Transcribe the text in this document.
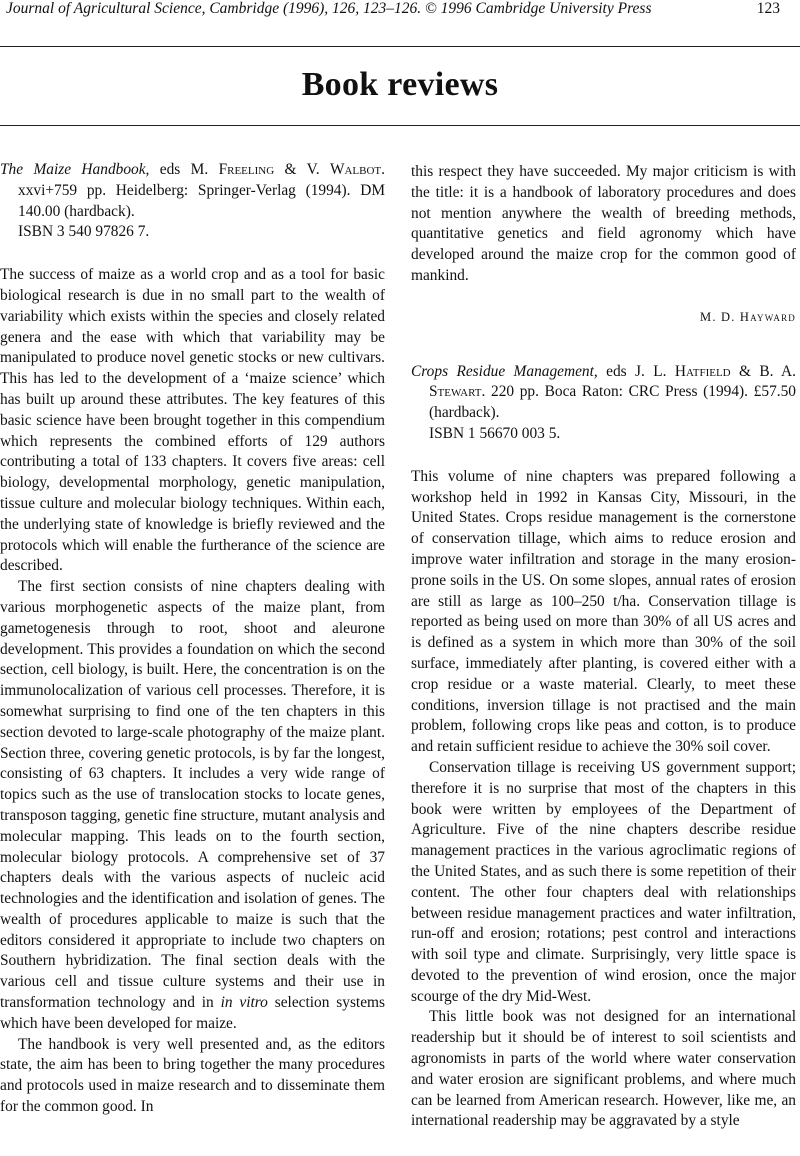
Journal of Agricultural Science, Cambridge (1996), 126, 123–126. © 1996 Cambridge University Press	123
Book reviews
The Maize Handbook, eds M. Freeling & V. Walbot. xxvi+759 pp. Heidelberg: Springer-Verlag (1994). DM 140.00 (hardback).
ISBN 3 540 97826 7.

The success of maize as a world crop and as a tool for basic biological research is due in no small part to the wealth of variability which exists within the species and closely related genera and the ease with which that variability may be manipulated to produce novel genetic stocks or new cultivars. This has led to the development of a ‘maize science’ which has built up around these attributes. The key features of this basic science have been brought together in this compendium which represents the combined efforts of 129 authors contributing a total of 133 chapters. It covers five areas: cell biology, developmental morphology, genetic manipulation, tissue culture and molecular biology techniques. Within each, the underlying state of knowledge is briefly reviewed and the protocols which will enable the furtherance of the science are described.

The first section consists of nine chapters dealing with various morphogenetic aspects of the maize plant, from gametogenesis through to root, shoot and aleurone development. This provides a foundation on which the second section, cell biology, is built. Here, the concentration is on the immunolocalization of various cell processes. Therefore, it is somewhat surprising to find one of the ten chapters in this section devoted to large-scale photography of the maize plant. Section three, covering genetic protocols, is by far the longest, consisting of 63 chapters. It includes a very wide range of topics such as the use of translocation stocks to locate genes, transposon tagging, genetic fine structure, mutant analysis and molecular mapping. This leads on to the fourth section, molecular biology protocols. A comprehensive set of 37 chapters deals with the various aspects of nucleic acid technologies and the identification and isolation of genes. The wealth of procedures applicable to maize is such that the editors considered it appropriate to include two chapters on Southern hybridization. The final section deals with the various cell and tissue culture systems and their use in transformation technology and in in vitro selection systems which have been developed for maize.

The handbook is very well presented and, as the editors state, the aim has been to bring together the many procedures and protocols used in maize research and to disseminate them for the common good. In

this respect they have succeeded. My major criticism is with the title: it is a handbook of laboratory procedures and does not mention anywhere the wealth of breeding methods, quantitative genetics and field agronomy which have developed around the maize crop for the common good of mankind.

M. D. Hayward
Crops Residue Management, eds J. L. Hatfield & B. A. Stewart. 220 pp. Boca Raton: CRC Press (1994). £57.50 (hardback).
ISBN 1 56670 003 5.

This volume of nine chapters was prepared following a workshop held in 1992 in Kansas City, Missouri, in the United States. Crops residue management is the cornerstone of conservation tillage, which aims to reduce erosion and improve water infiltration and storage in the many erosion-prone soils in the US. On some slopes, annual rates of erosion are still as large as 100–250 t/ha. Conservation tillage is reported as being used on more than 30% of all US acres and is defined as a system in which more than 30% of the soil surface, immediately after planting, is covered either with a crop residue or a waste material. Clearly, to meet these conditions, inversion tillage is not practised and the main problem, following crops like peas and cotton, is to produce and retain sufficient residue to achieve the 30% soil cover.

Conservation tillage is receiving US government support; therefore it is no surprise that most of the chapters in this book were written by employees of the Department of Agriculture. Five of the nine chapters describe residue management practices in the various agroclimatic regions of the United States, and as such there is some repetition of their content. The other four chapters deal with relationships between residue management practices and water infiltration, run-off and erosion; rotations; pest control and interactions with soil type and climate. Surprisingly, very little space is devoted to the prevention of wind erosion, once the major scourge of the dry Mid-West.

This little book was not designed for an international readership but it should be of interest to soil scientists and agronomists in parts of the world where water conservation and water erosion are significant problems, and where much can be learned from American research. However, like me, an international readership may be aggravated by a style
